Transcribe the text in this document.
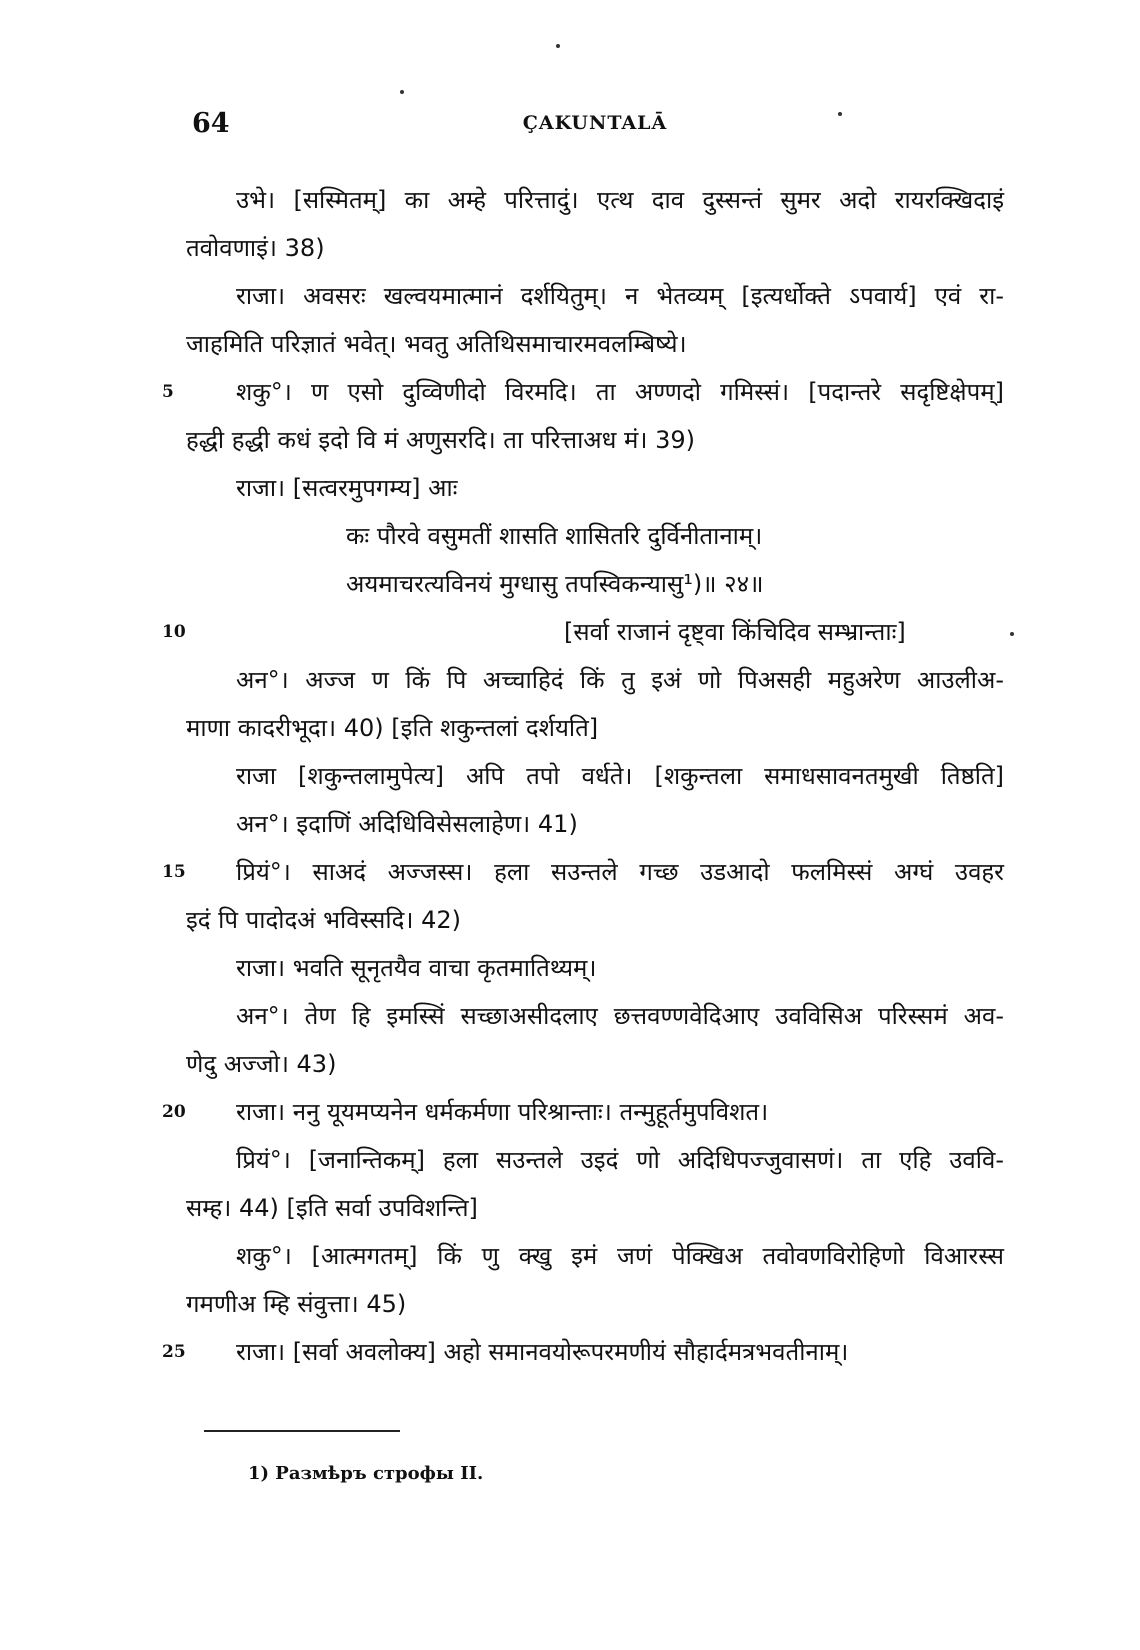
64	ÇAKUNTALĀ
उभे। [सस्मितम्] का अम्हे परित्तादुं। एत्थ दाव दुस्सन्तं सुमर अदो रायरक्खिदाइं
तवोवणाइं। 38)
राजा। अवसरः खल्वयमात्मानं दर्शयितुम्। न भेतव्यम् [इत्यर्धोक्ते ऽपवार्य] एवं रा-
जाहमिति परिज्ञातं भवेत्। भवतु अतिथिसमाचारमवलम्बिष्ये।
5	शकु°। ण एसो दुव्विणीदो विरमदि। ता अण्णदो गमिस्सं। [पदान्तरे सदृष्टिक्षेपम्]
हद्धी हद्धी कधं इदो वि मं अणुसरदि। ता परित्ताअध मं। 39)
राजा। [सत्वरमुपगम्य] आः
कः पौरवे वसुमतीं शासति शासितरि दुर्विनीतानाम्।
अयमाचरत्यविनयं मुग्धासु तपस्विकन्यासु¹)॥ २४॥
10	[सर्वा राजानं दृष्ट्वा किंचिदिव सम्भ्रान्ताः]
अन°। अज्ज ण किं पि अच्चाहिदं किं तु इअं णो पिअसही महुअरेण आउलीअ-
माणा कादरीभूदा। 40) [इति शकुन्तलां दर्शयति]
राजा [शकुन्तलामुपेत्य] अपि तपो वर्धते। [शकुन्तला समाधसावनतमुखी तिष्ठति]
अन°। इदाणिं अदिधिविसेसलाहेण। 41)
15 प्रियं°। साअदं अज्जस्स। हला सउन्तले गच्छ उडआदो फलमिस्सं अग्घं उवहर
इदं पि पादोदअं भविस्सदि। 42)
राजा। भवति सूनृतयैव वाचा कृतमातिथ्यम्।
अन°। तेण हि इमस्सिं सच्छाअसीदलाए छत्तवण्णवेदिआए उवविसिअ परिस्समं अव-
णेदु अज्जो। 43)
20 राजा। ननु यूयमप्यनेन धर्मकर्मणा परिश्रान्ताः। तन्मुहूर्तमुपविशत।
प्रियं°। [जनान्तिकम्] हला सउन्तले उइदं णो अदिधिपज्जुवासणं। ता एहि उववि-
सम्ह। 44) [इति सर्वा उपविशन्ति]
शकु°। [आत्मगतम्] किं णु क्खु इमं जणं पेक्खिअ तवोवणविरोहिणो विआरस्स
गमणीअ म्हि संवुत्ता। 45)
25 राजा। [सर्वा अवलोक्य] अहो समानवयोरूपरमणीयं सौहार्दमत्रभवतीनाम्।
1) Размѣръ строфы II.
